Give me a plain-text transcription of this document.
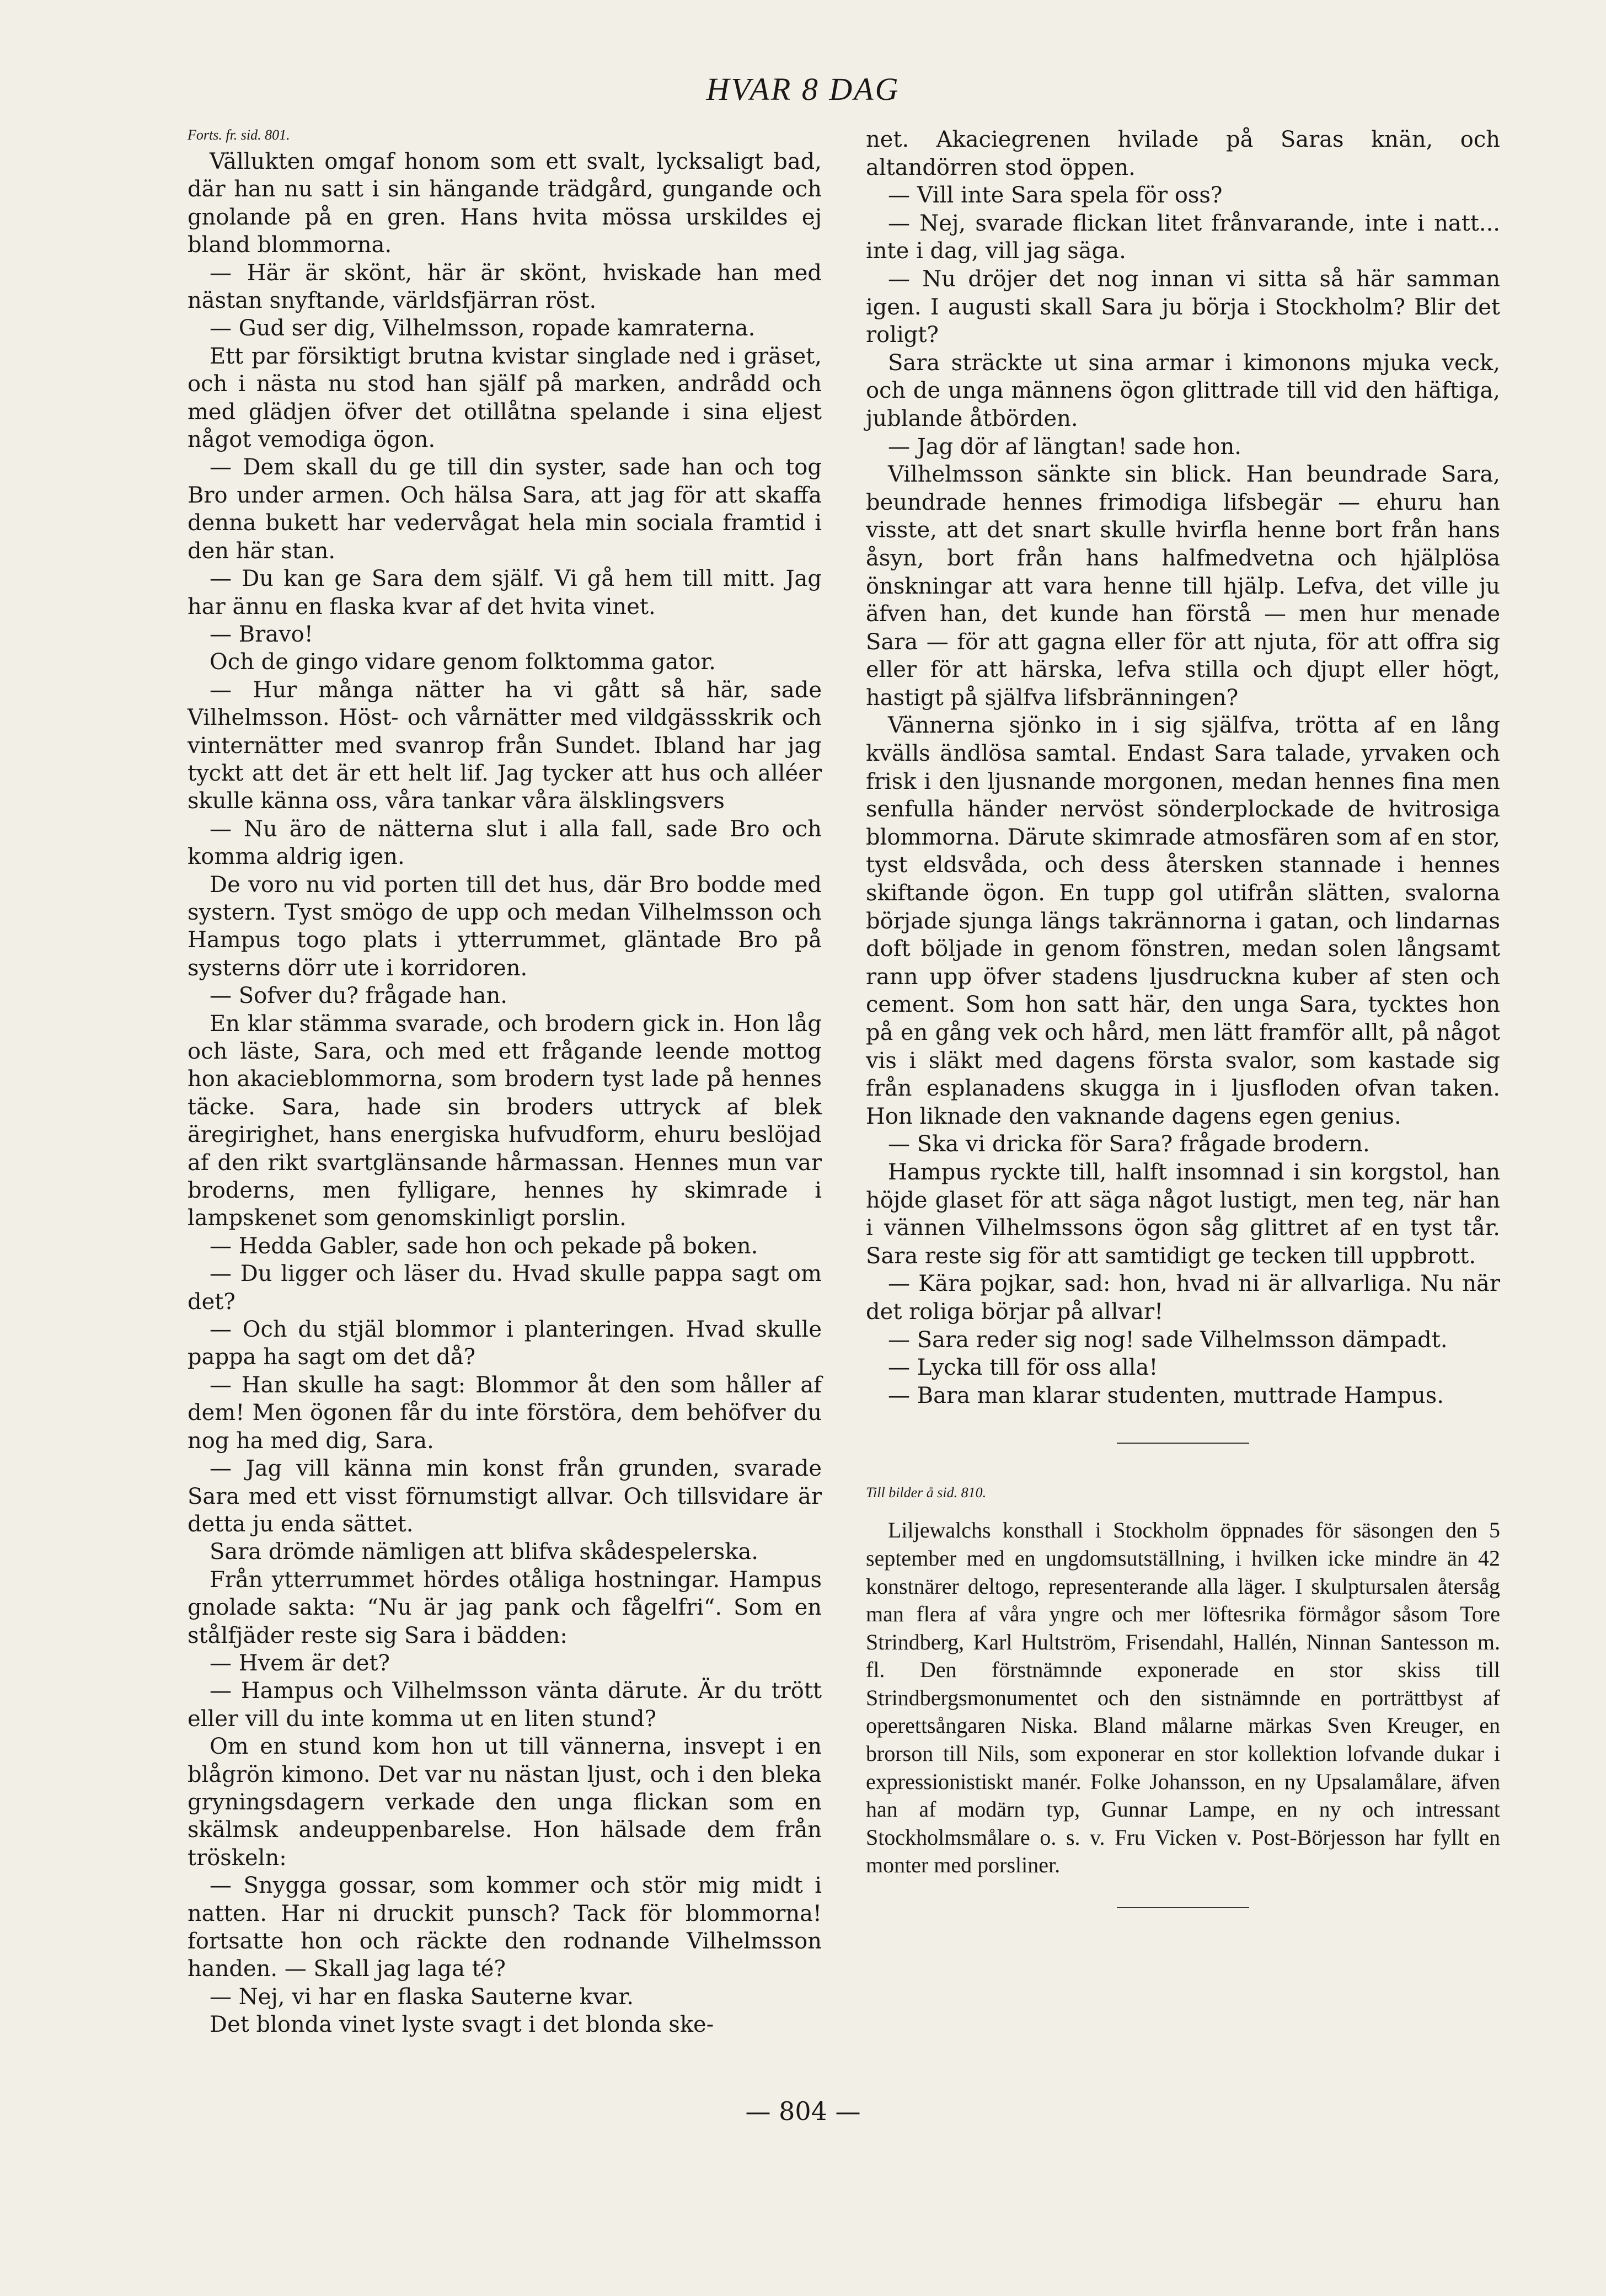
HVAR 8 DAG
Forts. fr. sid. 801.

Vällukten omgaf honom som ett svalt, lycksaligt bad, där han nu satt i sin hängande trädgård, gungande och gnolande på en gren. Hans hvita mössa urskildes ej bland blommorna.

— Här är skönt, här är skönt, hviskade han med nästan snyftande, världsfjärran röst.

— Gud ser dig, Vilhelmsson, ropade kamraterna.

Ett par försiktigt brutna kvistar singlade ned i gräset, och i nästa nu stod han själf på marken, andrådd och med glädjen öfver det otillåtna spelande i sina eljest något vemodiga ögon.

— Dem skall du ge till din syster, sade han och tog Bro under armen. Och hälsa Sara, att jag för att skaffa denna bukett har vedervågat hela min sociala framtid i den här stan.

— Du kan ge Sara dem själf. Vi gå hem till mitt. Jag har ännu en flaska kvar af det hvita vinet.

— Bravo!

Och de gingo vidare genom folktomma gator.

— Hur många nätter ha vi gått så här, sade Vilhelmsson. Höst- och vårnätter med vildgässskrik och vinternätter med svanrop från Sundet. Ibland har jag tyckt att det är ett helt lif. Jag tycker att hus och alléer skulle känna oss, våra tankar våra älsklingsvers

— Nu äro de nätterna slut i alla fall, sade Bro och komma aldrig igen.

De voro nu vid porten till det hus, där Bro bodde med systern. Tyst smögo de upp och medan Vilhelmsson och Hampus togo plats i ytterrummet, gläntade Bro på systerns dörr ute i korridoren.

— Sofver du? frågade han.

En klar stämma svarade, och brodern gick in. Hon låg och läste, Sara, och med ett frågande leende mottog hon akacieblommorna, som brodern tyst lade på hennes täcke. Sara, hade sin broders uttryck af blek äregirighet, hans energiska hufvudform, ehuru beslöjad af den rikt svartglänsande hårmassan. Hennes mun var broderns, men fylligare, hennes hy skimrade i lampskenet som genomskinligt porslin.

— Hedda Gabler, sade hon och pekade på boken.

— Du ligger och läser du. Hvad skulle pappa sagt om det?

— Och du stjäl blommor i planteringen. Hvad skulle pappa ha sagt om det då?

— Han skulle ha sagt: Blommor åt den som håller af dem! Men ögonen får du inte förstöra, dem behöfver du nog ha med dig, Sara.

— Jag vill känna min konst från grunden, svarade Sara med ett visst förnumstigt allvar. Och tillsvidare är detta ju enda sättet.

Sara drömde nämligen att blifva skådespelerska.

Från ytterrummet hördes otåliga hostningar. Hampus gnolade sakta: “Nu är jag pank och fågelfri“. Som en stålfjäder reste sig Sara i bädden:

— Hvem är det?

— Hampus och Vilhelmsson vänta därute. Är du trött eller vill du inte komma ut en liten stund?

Om en stund kom hon ut till vännerna, insvept i en blågrön kimono. Det var nu nästan ljust, och i den bleka gryningsdagern verkade den unga flickan som en skälmsk andeuppenbarelse. Hon hälsade dem från tröskeln:

— Snygga gossar, som kommer och stör mig midt i natten. Har ni druckit punsch? Tack för blommorna! fortsatte hon och räckte den rodnande Vilhelmsson handen. — Skall jag laga té?

— Nej, vi har en flaska Sauterne kvar.

Det blonda vinet lyste svagt i det blonda ske-

net. Akaciegrenen hvilade på Saras knän, och altandörren stod öppen.

— Vill inte Sara spela för oss?

— Nej, svarade flickan litet frånvarande, inte i natt... inte i dag, vill jag säga.

— Nu dröjer det nog innan vi sitta så här samman igen. I augusti skall Sara ju börja i Stockholm? Blir det roligt?

Sara sträckte ut sina armar i kimonons mjuka veck, och de unga männens ögon glittrade till vid den häftiga, jublande åtbörden.

— Jag dör af längtan! sade hon.

Vilhelmsson sänkte sin blick. Han beundrade Sara, beundrade hennes frimodiga lifsbegär — ehuru han visste, att det snart skulle hvirfla henne bort från hans åsyn, bort från hans halfmedvetna och hjälplösa önskningar att vara henne till hjälp. Lefva, det ville ju äfven han, det kunde han förstå — men hur menade Sara — för att gagna eller för att njuta, för att offra sig eller för att härska, lefva stilla och djupt eller högt, hastigt på själfva lifsbränningen?

Vännerna sjönko in i sig själfva, trötta af en lång kvälls ändlösa samtal. Endast Sara talade, yrvaken och frisk i den ljusnande morgonen, medan hennes fina men senfulla händer nervöst sönderplockade de hvitrosiga blommorna. Därute skimrade atmosfären som af en stor, tyst eldsvåda, och dess återsken stannade i hennes skiftande ögon. En tupp gol utifrån slätten, svalorna började sjunga längs takrännorna i gatan, och lindarnas doft böljade in genom fönstren, medan solen långsamt rann upp öfver stadens ljusdruckna kuber af sten och cement. Som hon satt här, den unga Sara, tycktes hon på en gång vek och hård, men lätt framför allt, på något vis i släkt med dagens första svalor, som kastade sig från esplanadens skugga in i ljusfloden ofvan taken. Hon liknade den vaknande dagens egen genius.

— Ska vi dricka för Sara? frågade brodern.

Hampus ryckte till, halft insomnad i sin korgstol, han höjde glaset för att säga något lustigt, men teg, när han i vännen Vilhelmssons ögon såg glittret af en tyst tår. Sara reste sig för att samtidigt ge tecken till uppbrott.

— Kära pojkar, sad: hon, hvad ni är allvarliga. Nu när det roliga börjar på allvar!

— Sara reder sig nog! sade Vilhelmsson dämpadt.

— Lycka till för oss alla!

— Bara man klarar studenten, muttrade Hampus.

Till bilder å sid. 810.

Liljewalchs konsthall i Stockholm öppnades för säsongen den 5 september med en ungdomsutställning, i hvilken icke mindre än 42 konstnärer deltogo, representerande alla läger. I skulptursalen återsåg man flera af våra yngre och mer löftesrika förmågor såsom Tore Strindberg, Karl Hultström, Frisendahl, Hallén, Ninnan Santesson m. fl. Den förstnämnde exponerade en stor skiss till Strindbergsmonumentet och den sistnämnde en porträttbyst af operettsångaren Niska. Bland målarne märkas Sven Kreuger, en brorson till Nils, som exponerar en stor kollektion lofvande dukar i expressionistiskt manér. Folke Johansson, en ny Upsalamålare, äfven han af modärn typ, Gunnar Lampe, en ny och intressant Stockholmsmålare o. s. v. Fru Vicken v. Post-Börjesson har fyllt en monter med porsliner.

— 804 —
